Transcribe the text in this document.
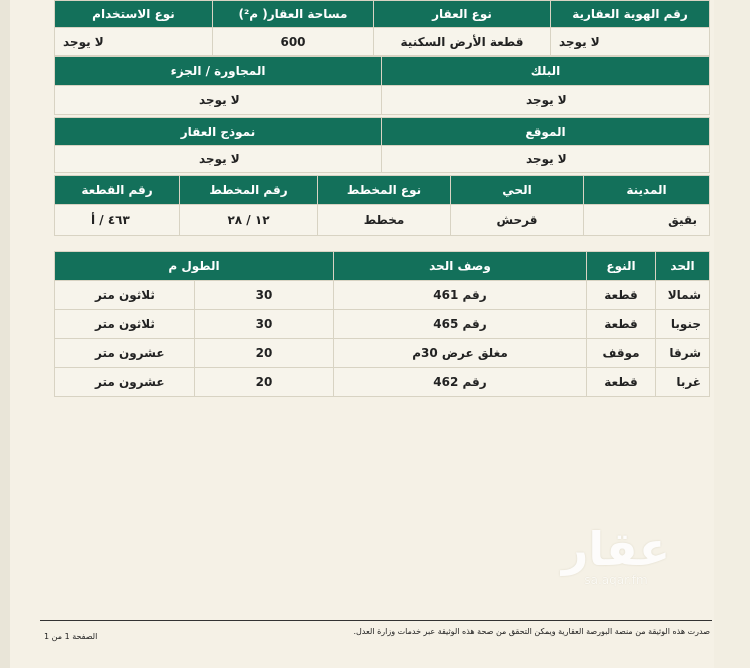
رقم الهوية العقارية	نوع العقار	مساحة العقار( م²)	نوع الاستخدام
لا يوجد	قطعة الأرض السكنية	600	لا يوجد
البلك	المجاورة / الجزء
لا يوجد	لا يوجد
الموقع	نموذج العقار
لا يوجد	لا يوجد
المدينة	الحي	نوع المخطط	رقم المخطط	رقم القطعة
بقيق	قرحش	مخطط	١٢ / ٢٨	٤٦٣ / أ
الحد	النوع	وصف الحد	الطول م	
شمالا	قطعة	رقم 461	30	ثلاثون متر
جنوبا	قطعة	رقم 465	30	ثلاثون متر
شرقا	موقف	مغلق عرض 30م	20	عشرون متر
غربا	قطعة	رقم 462	20	عشرون متر
عقار
sa.aqar.fm
صدرت هذه الوثيقة من منصة البورصة العقارية ويمكن التحقق من صحة هذه الوثيقة عبر خدمات وزارة العدل.
الصفحة 1 من 1
